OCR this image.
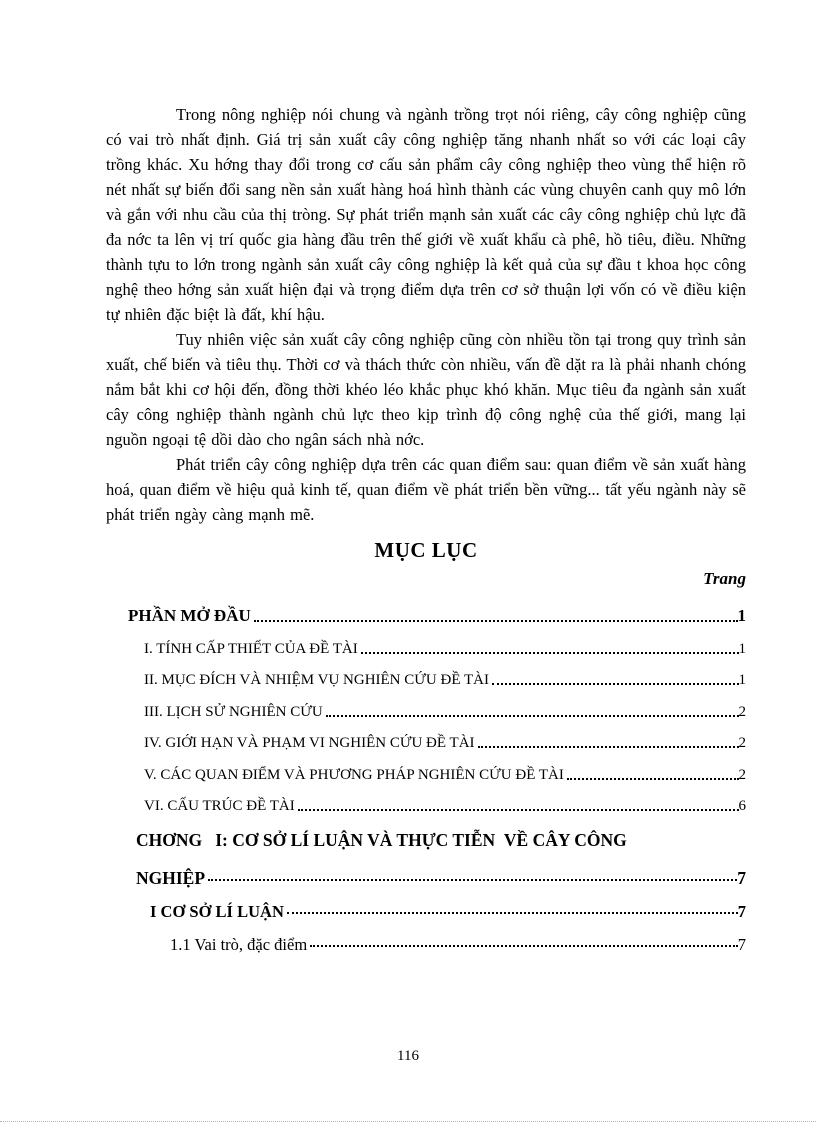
Trong nông nghiệp nói chung và ngành trồng trọt nói riêng, cây công nghiệp cũng có vai trò nhất định. Giá trị sản xuất cây công nghiệp tăng nhanh nhất so với các loại cây trồng khác. Xu hớng thay đổi trong cơ cấu sản phẩm cây công nghiệp theo vùng thể hiện rõ nét nhất sự biến đổi sang nền sản xuất hàng hoá hình thành các vùng chuyên canh quy mô lớn và gắn với nhu cầu của thị tròng. Sự phát triển mạnh sản xuất các cây công nghiệp chủ lực đã đa nớc ta lên vị trí quốc gia hàng đầu trên thế giới về xuất khẩu cà phê, hồ tiêu, điều. Những thành tựu to lớn trong ngành sản xuất cây công nghiệp là kết quả của sự đầu t khoa học công nghệ theo hớng sản xuất hiện đại và trọng điểm dựa trên cơ sở thuận lợi vốn có về điều kiện tự nhiên đặc biệt là đất, khí hậu.

Tuy nhiên việc sản xuất cây công nghiệp cũng còn nhiều tồn tại trong quy trình sản xuất, chế biến và tiêu thụ. Thời cơ và thách thức còn nhiều, vấn đề dặt ra là phải nhanh chóng nắm bắt khi cơ hội đến, đồng thời khéo léo khắc phục khó khăn. Mục tiêu đa ngành sản xuất cây công nghiệp thành ngành chủ lực theo kịp trình độ công nghệ của thế giới, mang lại nguồn ngoại tệ dồi dào cho ngân sách nhà nớc.

Phát triển cây công nghiệp dựa trên các quan điểm sau: quan điểm về sản xuất hàng hoá, quan điểm về hiệu quả kinh tế, quan điểm về phát triển bền vững... tất yếu ngành này sẽ phát triển ngày càng mạnh mẽ.

MỤC LỤC
Trang
PHẦN MỞ ĐẦU	1
I. TÍNH CẤP THIẾT CỦA ĐỀ TÀI	1
II. MỤC ĐÍCH VÀ NHIỆM VỤ NGHIÊN CỨU ĐỀ TÀI	1
III. LỊCH SỬ NGHIÊN CỨU	2
IV. GIỚI HẠN VÀ PHẠM VI NGHIÊN CỨU ĐỀ TÀI	2
V. CÁC QUAN ĐIỂM VÀ PHƯƠNG PHÁP NGHIÊN CỨU ĐỀ TÀI	2
VI. CẤU TRÚC ĐỀ TÀI	6
CHƠNG   I: CƠ SỞ LÍ LUẬN VÀ THỰC TIỄN  VỀ CÂY CÔNG
NGHIỆP	7
I CƠ SỞ LÍ LUẬN	7
1.1 Vai trò, đặc điểm	7
116
